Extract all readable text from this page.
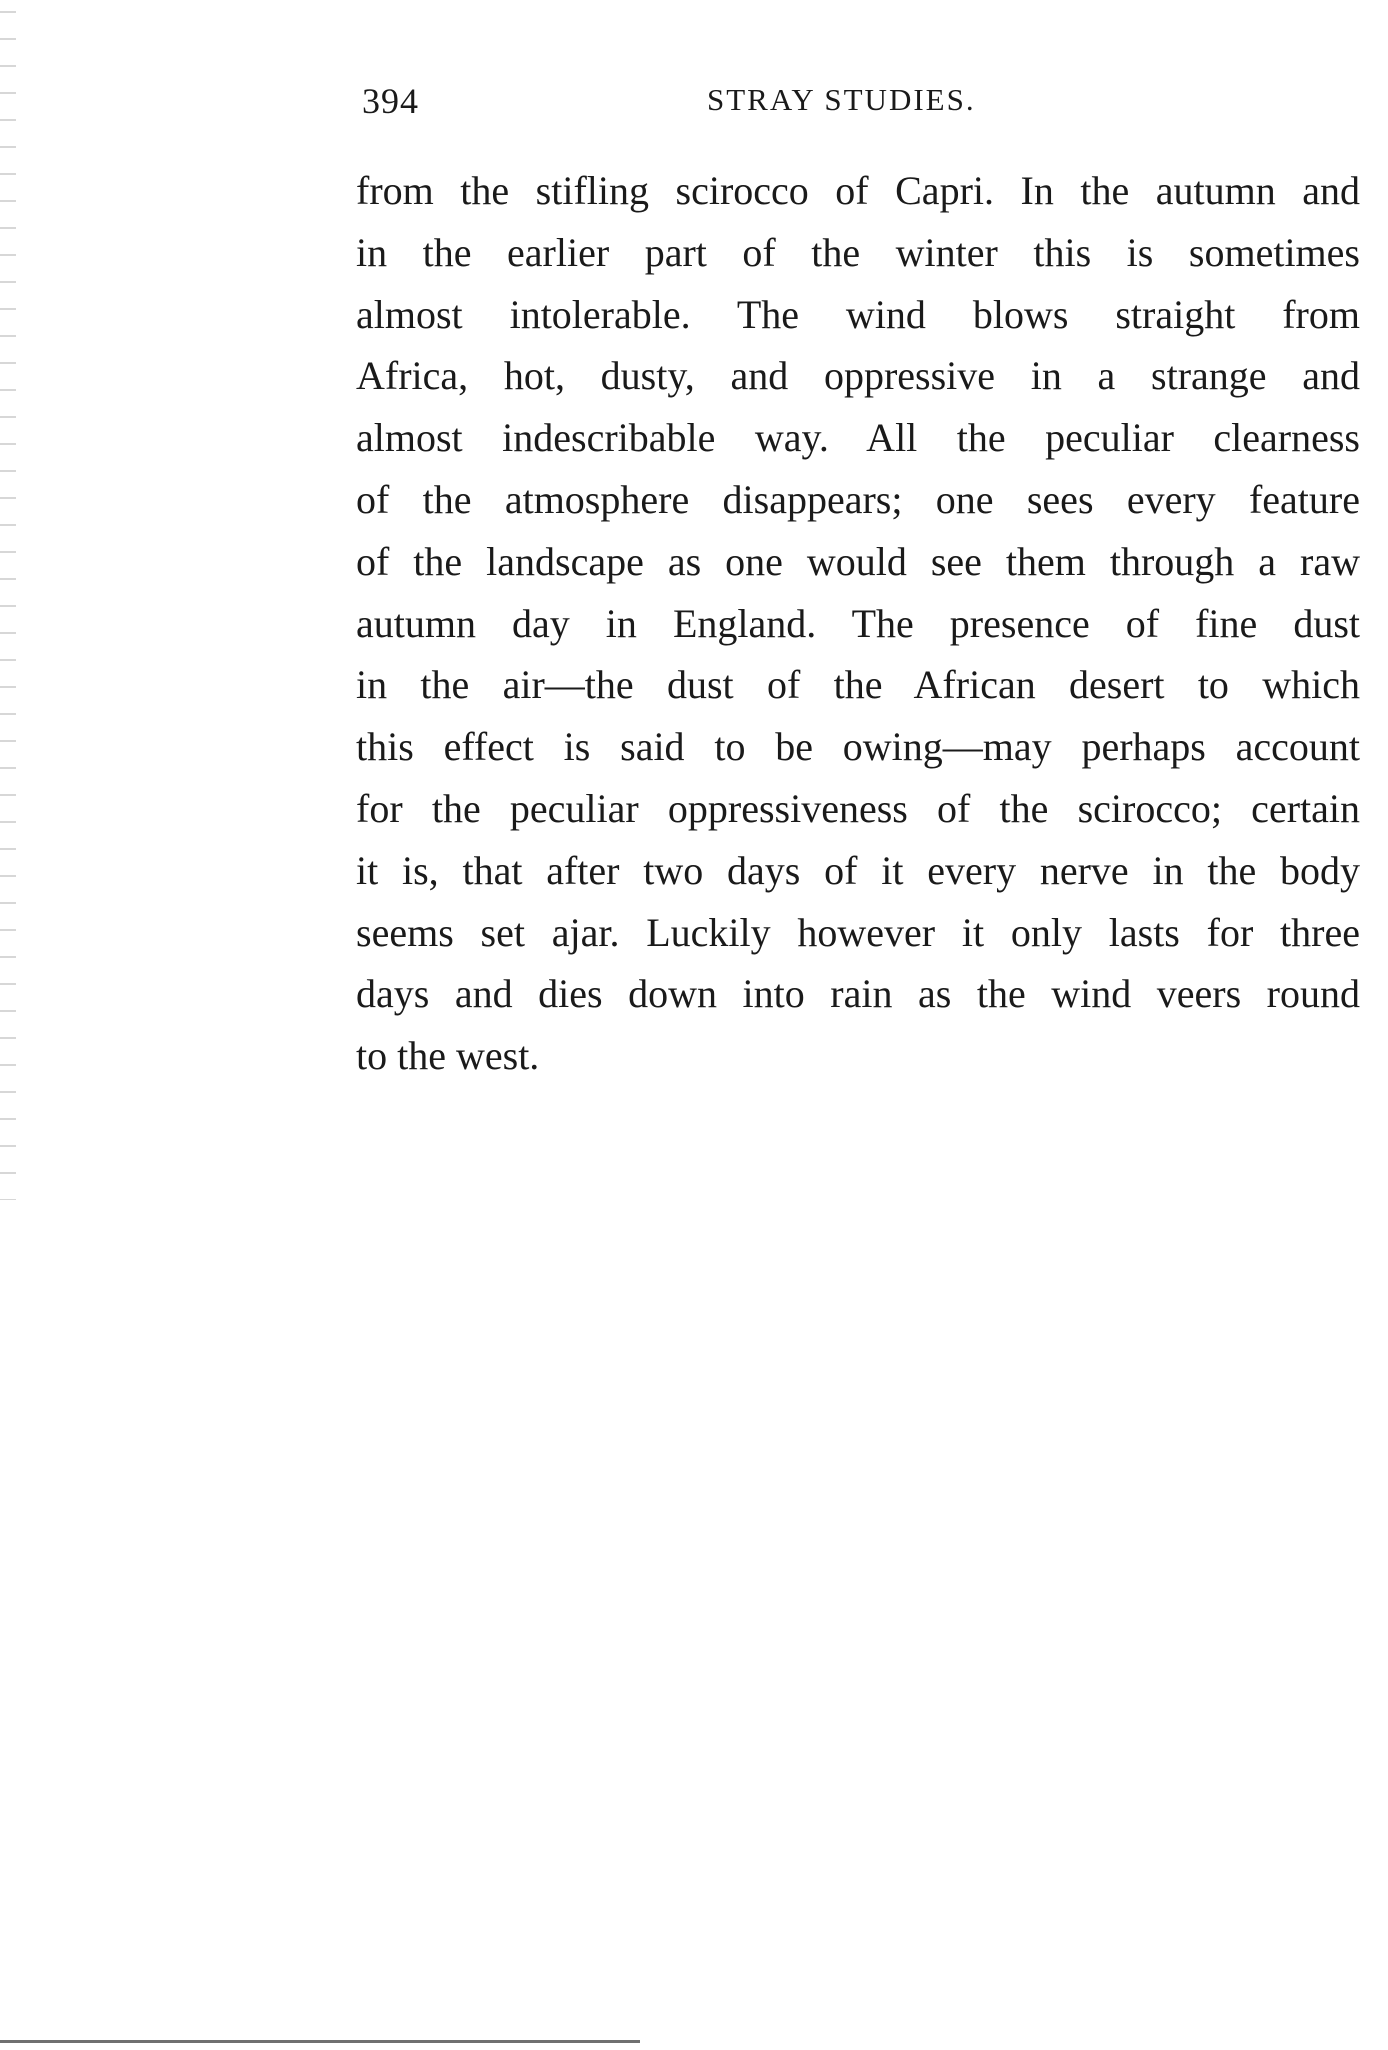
394	STRAY STUDIES.
from the stifling scirocco of Capri. In the autumn and
in the earlier part of the winter this is sometimes
almost intolerable. The wind blows straight from
Africa, hot, dusty, and oppressive in a strange and
almost indescribable way. All the peculiar clearness
of the atmosphere disappears; one sees every feature
of the landscape as one would see them through a raw
autumn day in England. The presence of fine dust
in the air—the dust of the African desert to which
this effect is said to be owing—may perhaps account
for the peculiar oppressiveness of the scirocco; certain
it is, that after two days of it every nerve in the body
seems set ajar. Luckily however it only lasts for three
days and dies down into rain as the wind veers round
to the west.
